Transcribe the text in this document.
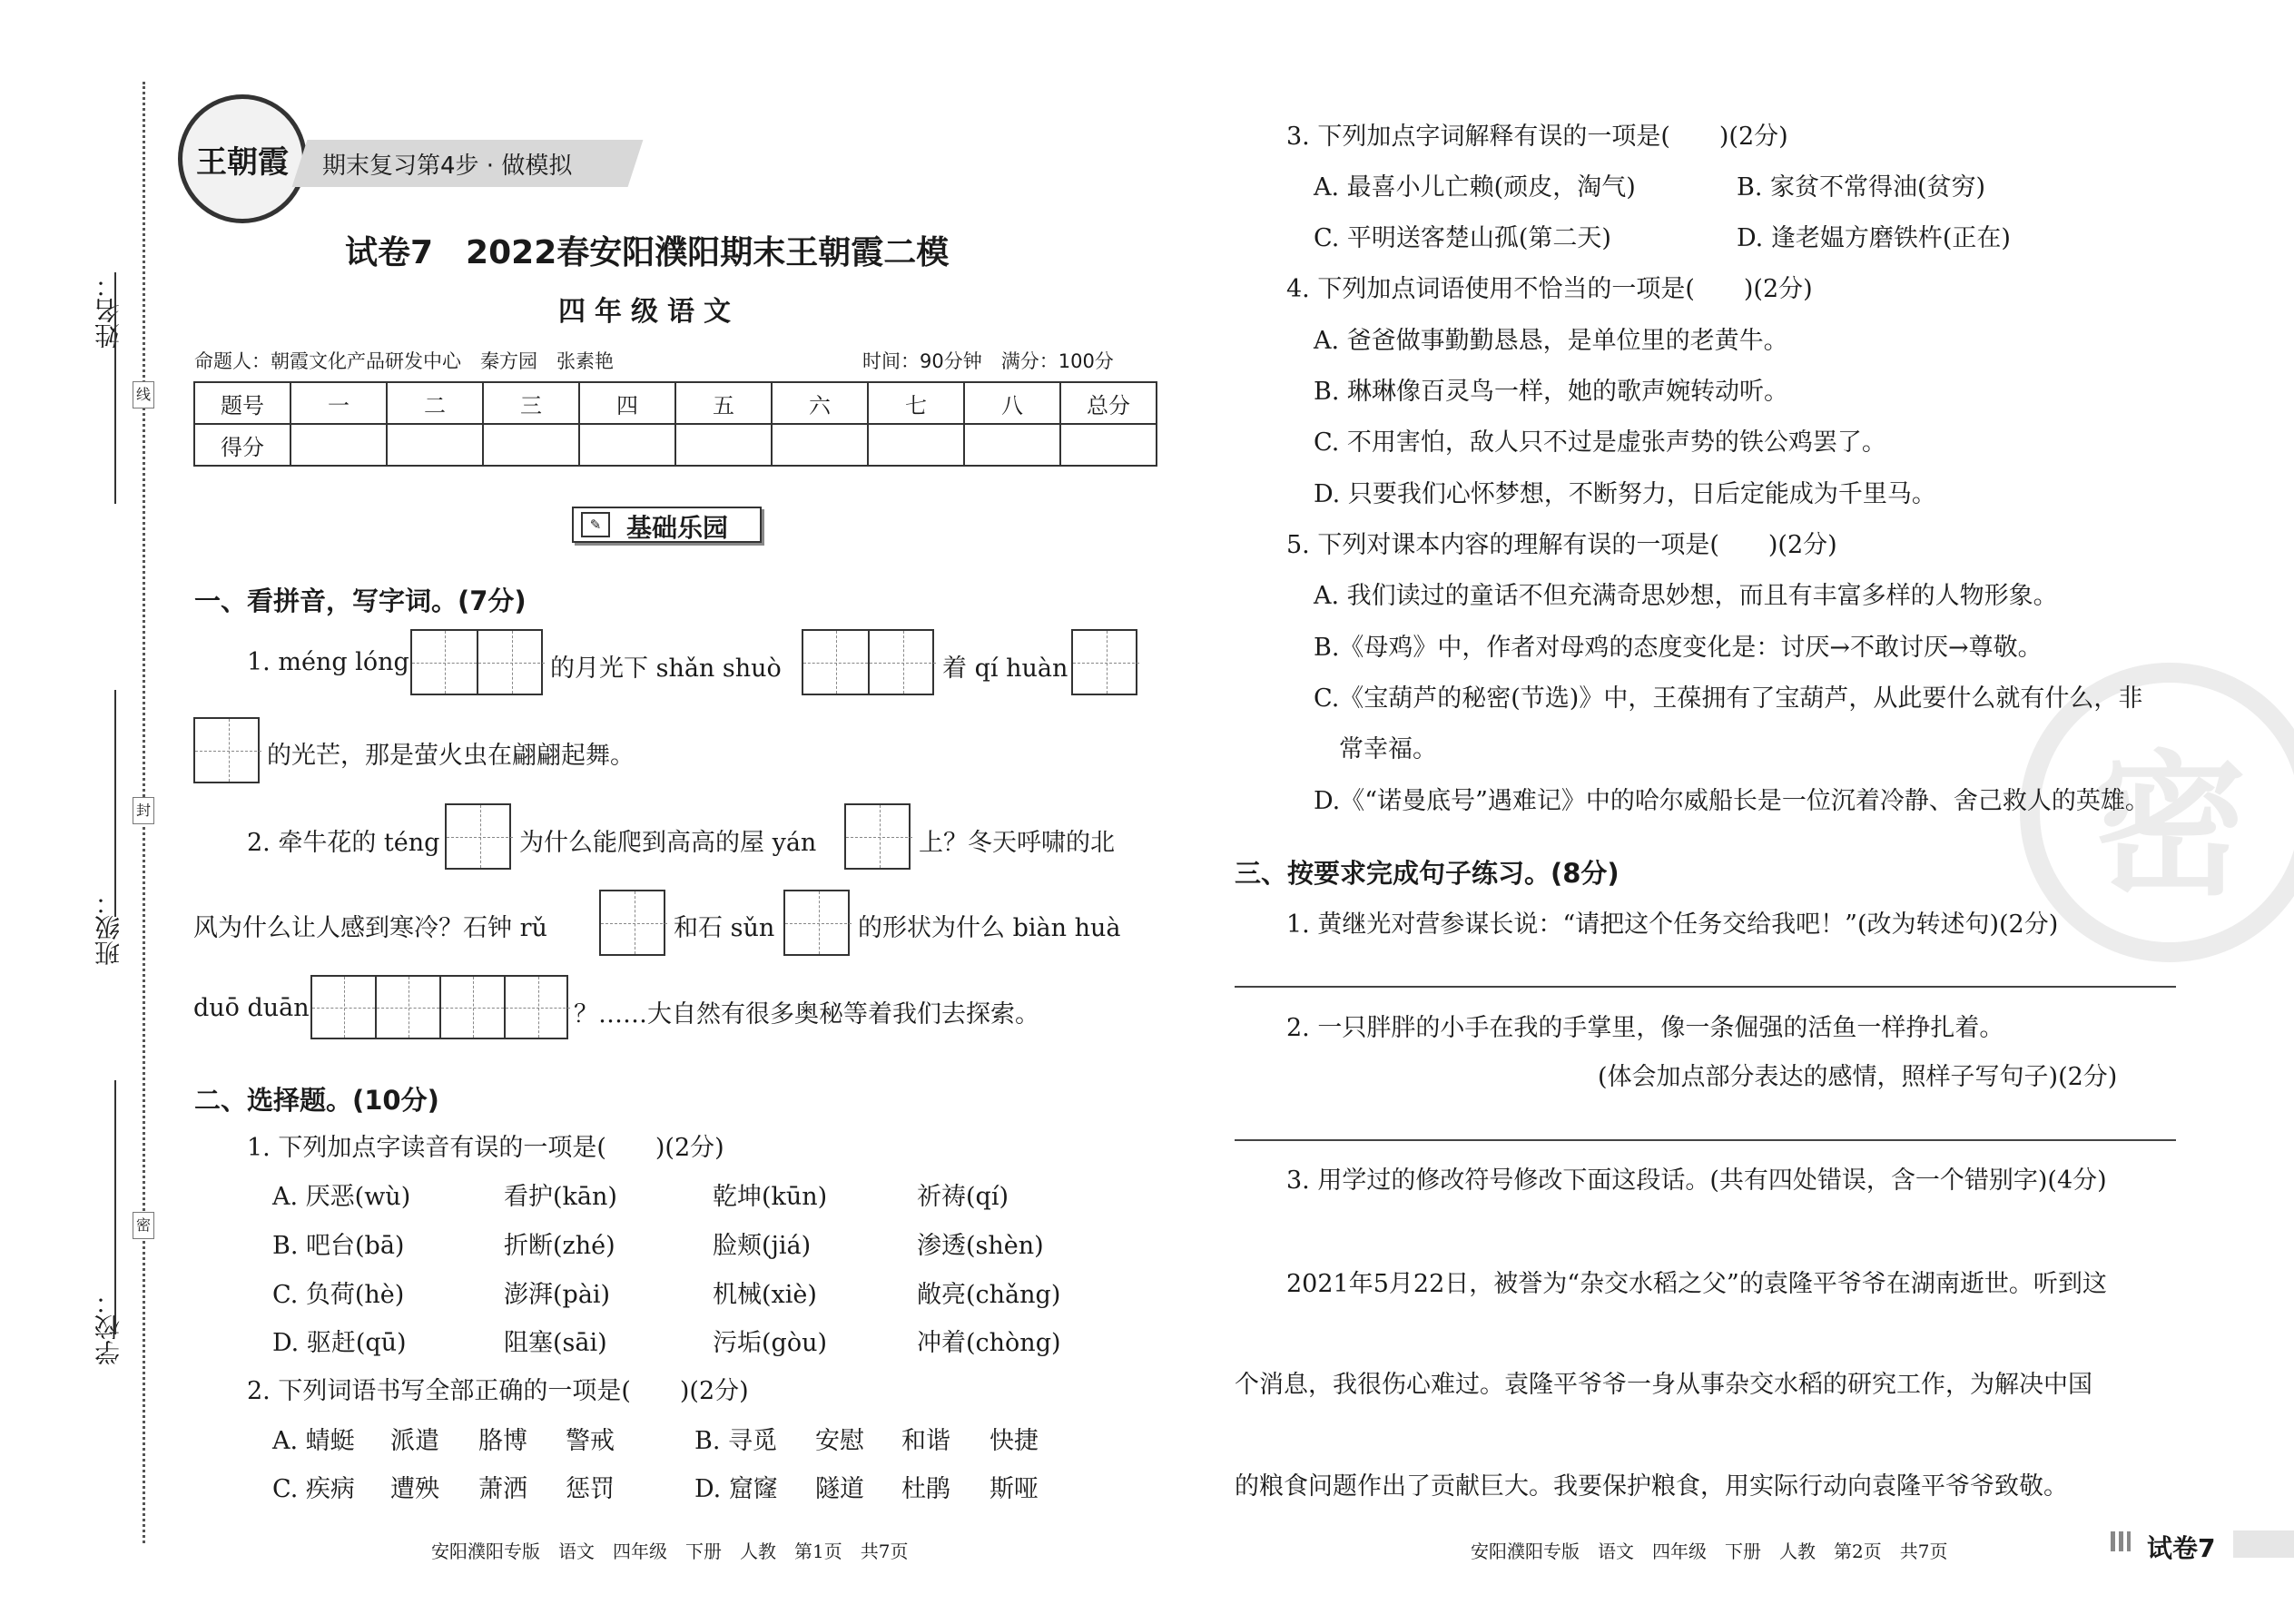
姓名：
班级：
学校：
线
封
密
王朝霞 期末复习第4步 · 做模拟
试卷7　2022春安阳濮阳期末王朝霞二模
四年级语文
命题人：朝霞文化产品研发中心　秦方园　张素艳	时间：90分钟　满分：100分
题号	一	二	三	四	五	六	七	八	总分
得分									
✎ 基础乐园
一、看拼音，写字词。(7分)
1. méng lóng	的月光下 shǎn shuò	着 qí huàn
的光芒，那是萤火虫在翩翩起舞。
2. 牵牛花的 téng	为什么能爬到高高的屋 yán	上？冬天呼啸的北
风为什么让人感到寒冷？石钟 rǔ	和石 sǔn	的形状为什么 biàn huà
duō duān	？……大自然有很多奥秘等着我们去探索。
二、选择题。(10分)
1. 下列加点字读音有误的一项是(　　)(2分)
A. 厌恶(wù)	看护(kān)	乾坤(kūn)	祈祷(qí)
B. 吧台(bā)	折断(zhé)	脸颊(jiá)	渗透(shèn)
C. 负荷(hè)	澎湃(pài)	机械(xiè)	敞亮(chǎng)
D. 驱赶(qū)	阻塞(sāi)	污垢(gòu)	冲着(chòng)
2. 下列词语书写全部正确的一项是(　　)(2分)
A. 蜻蜓 派遣 胳博 警戒	B. 寻觅 安慰 和谐 快捷
C. 疾病 遭殃 萧洒 惩罚	D. 窟窿 隧道 杜鹃 斯哑
安阳濮阳专版　语文　四年级　下册　人教　第1页　共7页
密
3. 下列加点字词解释有误的一项是(　　)(2分)
A. 最喜小儿亡赖(顽皮，淘气)	B. 家贫不常得油(贫穷)
C. 平明送客楚山孤(第二天)	D. 逢老媪方磨铁杵(正在)
4. 下列加点词语使用不恰当的一项是(　　)(2分)
A. 爸爸做事勤勤恳恳，是单位里的老黄牛。
B. 琳琳像百灵鸟一样，她的歌声婉转动听。
C. 不用害怕，敌人只不过是虚张声势的铁公鸡罢了。
D. 只要我们心怀梦想，不断努力，日后定能成为千里马。
5. 下列对课本内容的理解有误的一项是(　　)(2分)
A. 我们读过的童话不但充满奇思妙想，而且有丰富多样的人物形象。
B.《母鸡》中，作者对母鸡的态度变化是：讨厌→不敢讨厌→尊敬。
C.《宝葫芦的秘密(节选)》中，王葆拥有了宝葫芦，从此要什么就有什么，非
常幸福。
D.《“诺曼底号”遇难记》中的哈尔威船长是一位沉着冷静、舍己救人的英雄。
三、按要求完成句子练习。(8分)
1. 黄继光对营参谋长说：“请把这个任务交给我吧！”(改为转述句)(2分)
2. 一只胖胖的小手在我的手掌里，像一条倔强的活鱼一样挣扎着。
(体会加点部分表达的感情，照样子写句子)(2分)
3. 用学过的修改符号修改下面这段话。(共有四处错误，含一个错别字)(4分)
2021年5月22日，被誉为“杂交水稻之父”的袁隆平爷爷在湖南逝世。听到这
个消息，我很伤心难过。袁隆平爷爷一身从事杂交水稻的研究工作，为解决中国
的粮食问题作出了贡献巨大。我要保护粮食，用实际行动向袁隆平爷爷致敬。
安阳濮阳专版　语文　四年级　下册　人教　第2页　共7页	试卷7
